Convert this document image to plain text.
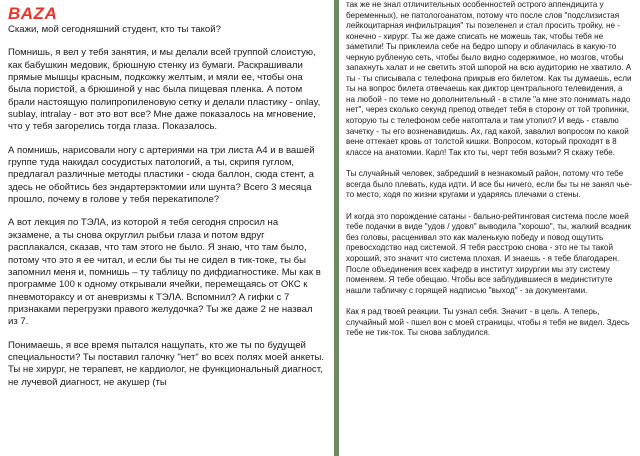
BAZA

Скажи, мой сегодняшний студент, кто ты такой?

Помнишь, я вел у тебя занятия, и мы делали всей группой слоистую, как бабушкин медовик, брюшную стенку из бумаги. Раскрашивали прямые мышцы красным, подкожку желтым, и мяли ее, чтобы она была пористой, а брюшиной у нас была пищевая пленка. А потом брали настоящую полипропиленовую сетку и делали пластику - onlay, sublay, intralay - вот это вот все? Мне даже показалось на мгновение, что у тебя загорелись тогда глаза. Показалось.

А помнишь, нарисовали ногу с артериями на три листа А4 и в вашей группе туда накидал сосудистых патологий, а ты, скрипя гуглом, предлагал различные методы пластики - сюда баллон, сюда стент, а здесь не обойтись без эндартерэктомии или шунта? Всего 3 месяца прошло, почему в голове у тебя перекатиполе?

А вот лекция по ТЭЛА, из которой я тебя сегодня спросил на экзамене, а ты снова округлил рыбьи глаза и потом вдруг расплакался, сказав, что там этого не было. Я знаю, что там было, потому что это я ее читал, и если бы ты не сидел в тик-токе, ты бы запомнил меня и, помнишь – ту таблицу по дифдиагностике. Мы как в программе 100 к одному открывали ячейки, перемещаясь от ОКС к пневмотораксу и от аневризмы к ТЭЛА. Вспомнил? А гифки с 7 признаками перегрузки правого желудочка? Ты же даже 2 не назвал из 7.

Понимаешь, я все время пытался нащупать, кто же ты по будущей специальности? Ты поставил галочку "нет" во всех полях моей анкеты. Ты не хирург, не терапевт, не кардиолог, не функциональный диагност, не лучевой диагност, не акушер (ты

так же не знал отличительных особенностей острого аппендицита у беременных), не патологоанатом, потому что после слов "подслизистая лейкоцитарная инфильтрация" ты позеленел и стал просить тройку, не - конечно - хирург. Ты же даже списать не можешь так, чтобы тебя не заметили! Ты приклеила себе на бедро шпору и облачилась в какую-то черную рубленую сеть, чтобы было видно содержимое, но мозгов, чтобы запахнуть халат и не светить этой шпорой на всю аудиторию не хватило. А ты - ты списывала с телефона прикрыв его билетом. Как ты думаешь, если ты на вопрос билета отвечаешь как диктор центрального телевидения, а на любой - по теме но дополнительный - в стиле "а мне это понимать надо нет", через сколько секунд препод отведет тебя в сторону от той тропинки, которую ты с телефоном себе натоптала и там утопил? И ведь - ставлю зачетку - ты его возненавидишь. Ах, гад какой, завалил вопросом по какой вене оттекает кровь от толстой кишки. Вопросом, который проходят в 8 классе на анатомии. Карл! Так кто ты, черт тебя возьми? Я скажу тебе.

Ты случайный человек, забредший в незнакомый район, потому что тебе всегда было плевать, куда идти. И все бы ничего, если бы ты не занял чье-то место, ходя по жизни кругами и ударяясь плечами о стены.

И когда это порождение сатаны - бально-рейтинговая система после моей тебе подачки в виде "удов / удовл" выводила "хорошо", ты, жалкий всадник без головы, расценивал это как маленькую победу и повод ощутить превосходство над системой. Я тебя расстрою снова - это не ты такой хороший, это значит что система плохая. И знаешь - я тебе благодарен. После объединения всех кафедр в институт хирургии мы эту систему поменяем. Я тебе обещаю. Чтобы все заблудившиеся в мединституте нашли табличку с горящей надписью "выход" - за документами.

Как я рад твоей реакции. Ты узнал себя. Значит - в цель. А теперь, случайный мой - пшел вон с моей страницы, чтобы я тебя не видел. Здесь тебе не тик-ток. Ты снова заблудился.
